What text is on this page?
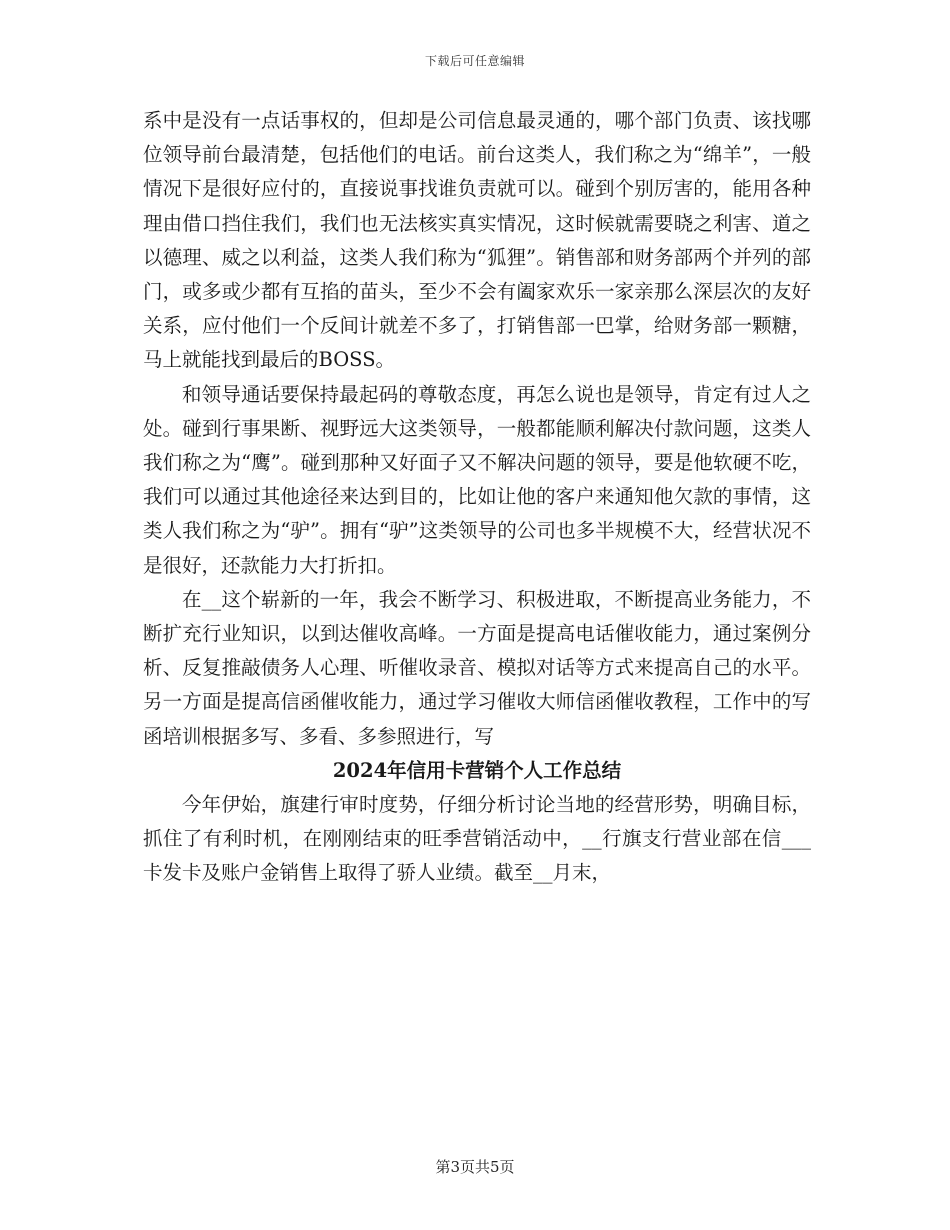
下载后可任意编辑

系中是没有一点话事权的，但却是公司信息最灵通的，哪个部门负责、该找哪位领导前台最清楚，包括他们的电话。前台这类人，我们称之为“绵羊”，一般情况下是很好应付的，直接说事找谁负责就可以。碰到个别厉害的，能用各种理由借口挡住我们，我们也无法核实真实情况，这时候就需要晓之利害、道之以德理、威之以利益，这类人我们称为“狐狸”。销售部和财务部两个并列的部门，或多或少都有互掐的苗头，至少不会有阖家欢乐一家亲那么深层次的友好关系，应付他们一个反间计就差不多了，打销售部一巴掌，给财务部一颗糖，马上就能找到最后的BOSS。

和领导通话要保持最起码的尊敬态度，再怎么说也是领导，肯定有过人之处。碰到行事果断、视野远大这类领导，一般都能顺利解决付款问题，这类人我们称之为“鹰”。碰到那种又好面子又不解决问题的领导，要是他软硬不吃，我们可以通过其他途径来达到目的，比如让他的客户来通知他欠款的事情，这类人我们称之为“驴”。拥有“驴”这类领导的公司也多半规模不大，经营状况不是很好，还款能力大打折扣。

在__这个崭新的一年，我会不断学习、积极进取，不断提高业务能力，不断扩充行业知识，以到达催收高峰。一方面是提高电话催收能力，通过案例分析、反复推敲债务人心理、听催收录音、模拟对话等方式来提高自己的水平。另一方面是提高信函催收能力，通过学习催收大师信函催收教程，工作中的写函培训根据多写、多看、多参照进行，写

2024年信用卡营销个人工作总结

今年伊始，旗建行审时度势，仔细分析讨论当地的经营形势，明确目标，抓住了有利时机，在刚刚结束的旺季营销活动中，__行旗支行营业部在信___卡发卡及账户金销售上取得了骄人业绩。截至__月末，

第3页共5页
